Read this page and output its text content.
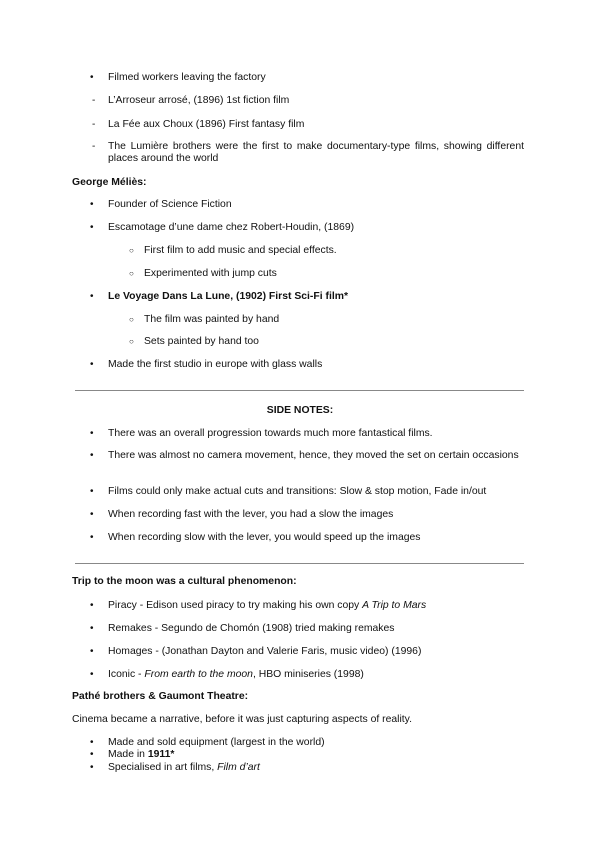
• Filmed workers leaving the factory
- L’Arroseur arrosé, (1896) 1st fiction film
- La Fée aux Choux (1896) First fantasy film
- The Lumière brothers were the first to make documentary-type films, showing different places around the world
George Méliès:
• Founder of Science Fiction
• Escamotage d’une dame chez Robert-Houdin, (1869)
○ First film to add music and special effects.
○ Experimented with jump cuts
• Le Voyage Dans La Lune, (1902) First Sci-Fi film*
○ The film was painted by hand
○ Sets painted by hand too
• Made the first studio in europe with glass walls
SIDE NOTES:
• There was an overall progression towards much more fantastical films.
• There was almost no camera movement, hence, they moved the set on certain occasions
• Films could only make actual cuts and transitions: Slow & stop motion, Fade in/out
• When recording fast with the lever, you had a slow the images
• When recording slow with the lever, you would speed up the images
Trip to the moon was a cultural phenomenon:
• Piracy - Edison used piracy to try making his own copy A Trip to Mars
• Remakes - Segundo de Chomón (1908) tried making remakes
• Homages - (Jonathan Dayton and Valerie Faris, music video) (1996)
• Iconic - From earth to the moon, HBO miniseries (1998)
Pathé brothers & Gaumont Theatre:
Cinema became a narrative, before it was just capturing aspects of reality.
• Made and sold equipment (largest in the world)
• Made in 1911*
• Specialised in art films, Film d’art
